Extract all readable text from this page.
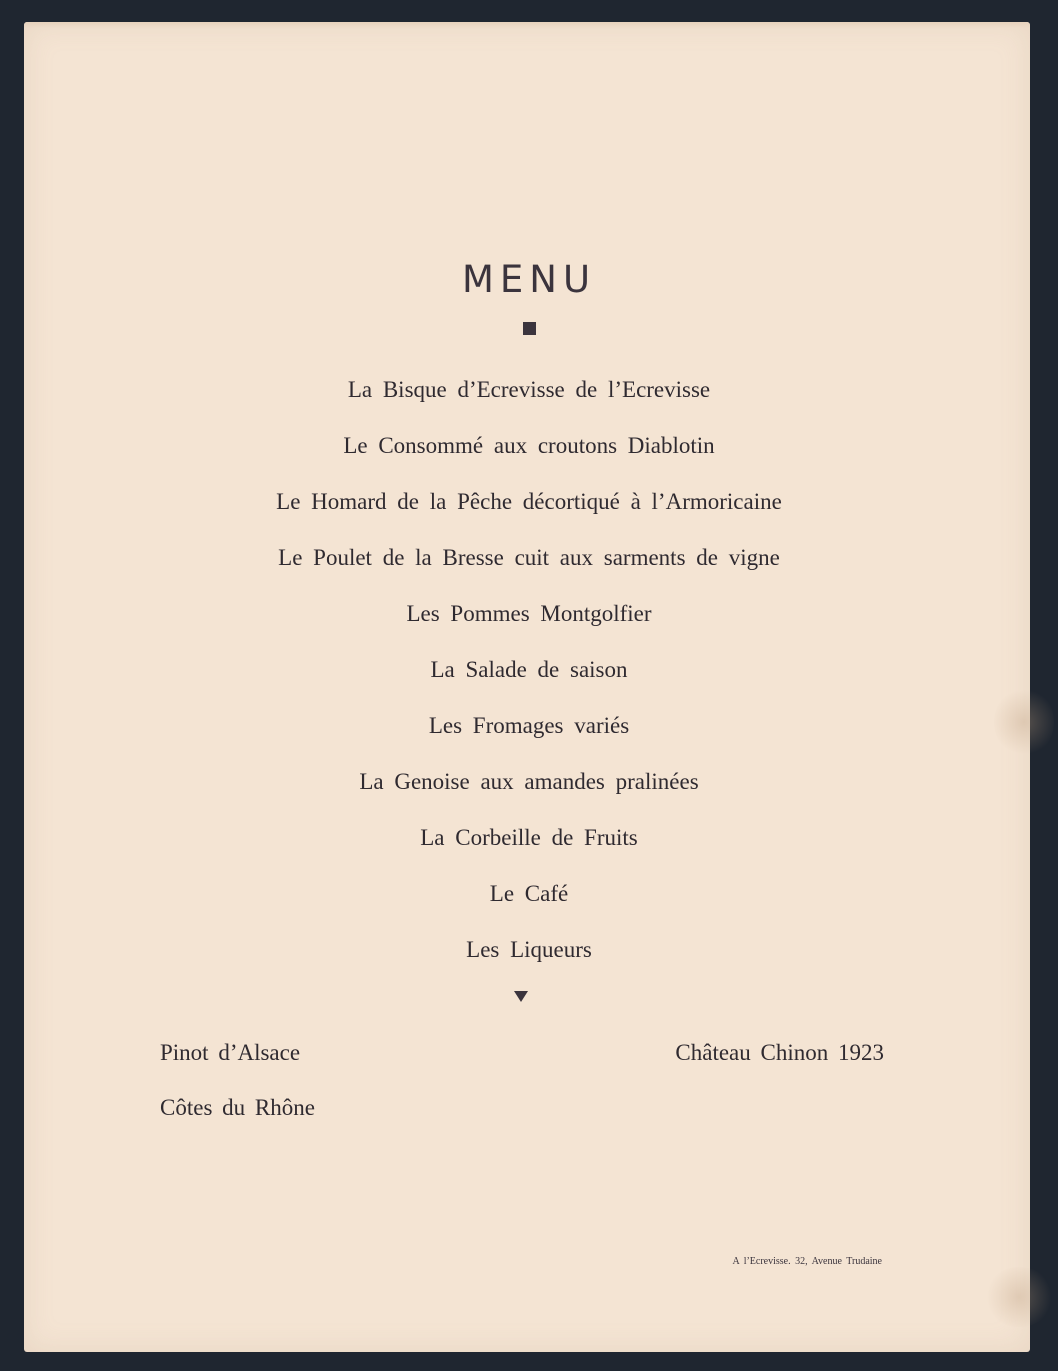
MENU
La Bisque d’Ecrevisse de l’Ecrevisse
Le Consommé aux croutons Diablotin
Le Homard de la Pêche décortiqué à l’Armoricaine
Le Poulet de la Bresse cuit aux sarments de vigne
Les Pommes Montgolfier
La Salade de saison
Les Fromages variés
La Genoise aux amandes pralinées
La Corbeille de Fruits
Le Café
Les Liqueurs
Pinot d’Alsace
Côtes du Rhône
Château Chinon 1923
A l’Ecrevisse. 32, Avenue Trudaine
